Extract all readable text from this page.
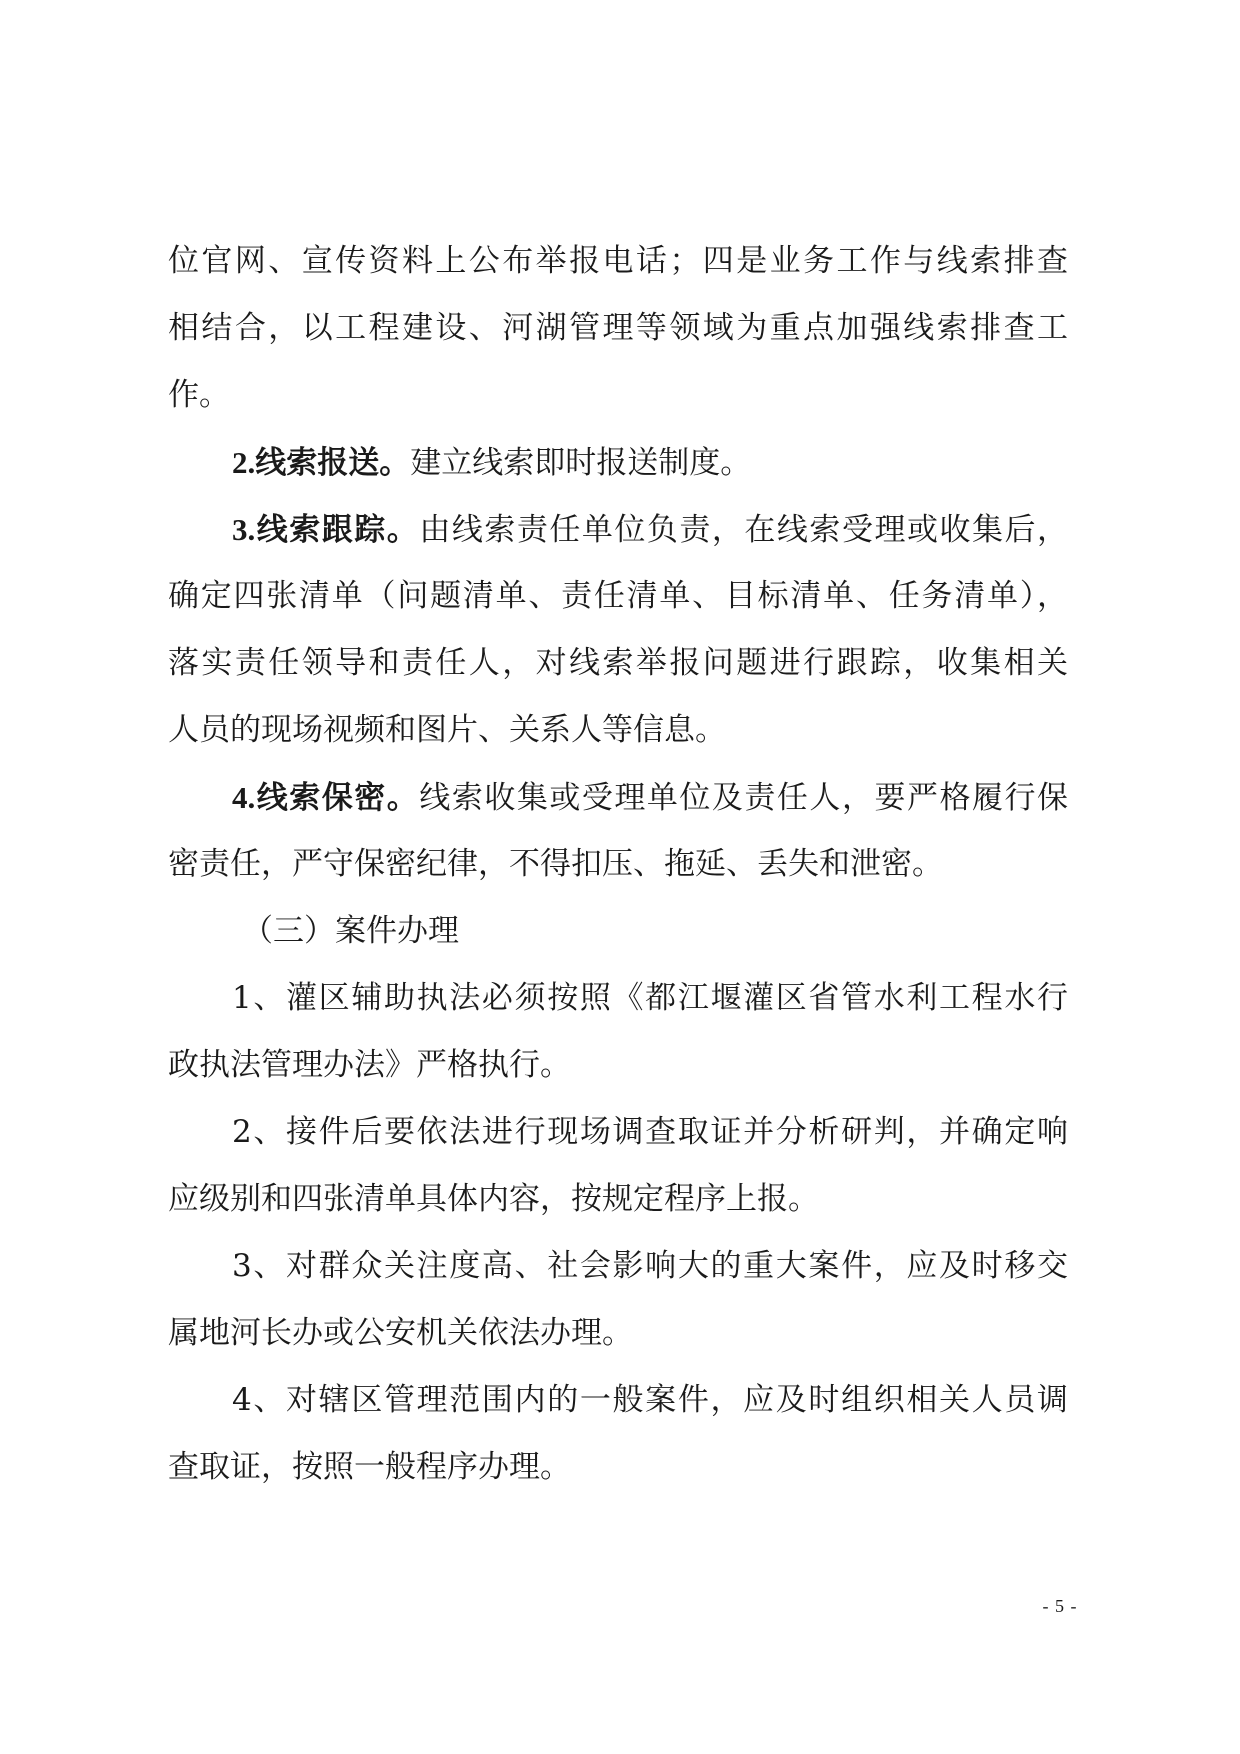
位官网、宣传资料上公布举报电话；四是业务工作与线索排查
相结合，以工程建设、河湖管理等领域为重点加强线索排查工
作。
2.线索报送。建立线索即时报送制度。
3.线索跟踪。由线索责任单位负责，在线索受理或收集后，
确定四张清单（问题清单、责任清单、目标清单、任务清单），
落实责任领导和责任人，对线索举报问题进行跟踪，收集相关
人员的现场视频和图片、关系人等信息。
4.线索保密。线索收集或受理单位及责任人，要严格履行保
密责任，严守保密纪律，不得扣压、拖延、丢失和泄密。
（三）案件办理
1、灌区辅助执法必须按照《都江堰灌区省管水利工程水行
政执法管理办法》严格执行。
2、接件后要依法进行现场调查取证并分析研判，并确定响
应级别和四张清单具体内容，按规定程序上报。
3、对群众关注度高、社会影响大的重大案件，应及时移交
属地河长办或公安机关依法办理。
4、对辖区管理范围内的一般案件，应及时组织相关人员调
查取证，按照一般程序办理。
- 5 -
